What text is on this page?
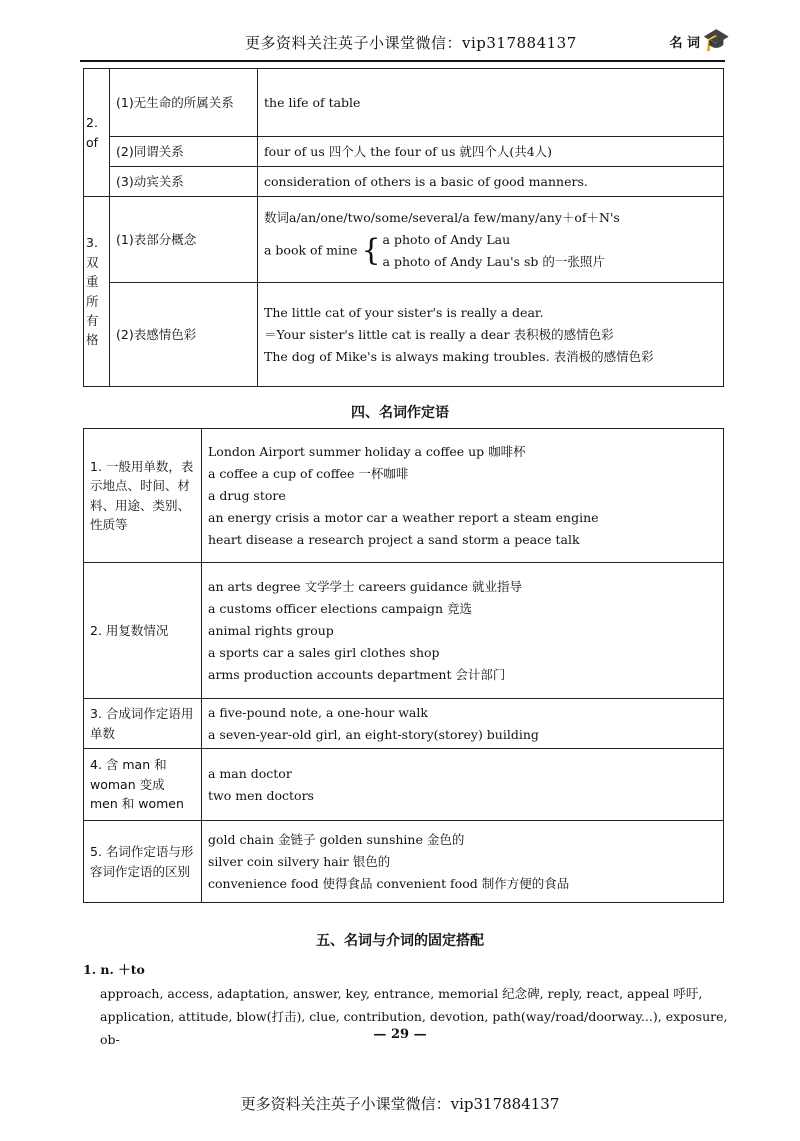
更多资料关注英子小课堂微信：vip317884137	名 词 🎓
2. of	(1)无生命的所属关系	the life of table

	(2)同谓关系	four of us 四个人 the four of us 就四个人(共4人)

	(3)动宾关系	consideration of others is a basic of good manners.

3. 双重所有格	(1)表部分概念	数词a/an/one/two/some/several/a few/many/any＋of＋N's
a book of mine { a photo of Andy Lau
a photo of Andy Lau's sb 的一张照片

	(2)表感情色彩	The little cat of your sister's is really a dear.
＝Your sister's little cat is really a dear 表积极的感情色彩
The dog of Mike's is always making troubles. 表消极的感情色彩
四、名词作定语
1. 一般用单数，表示地点、时间、材料、用途、类别、性质等	London Airport summer holiday a coffee up 咖啡杯
a coffee a cup of coffee 一杯咖啡
a drug store
an energy crisis a motor car a weather report a steam engine
heart disease a research project a sand storm a peace talk

2. 用复数情况	an arts degree 文学学士 careers guidance 就业指导
a customs officer elections campaign 竞选
animal rights group
a sports car a sales girl clothes shop
arms production accounts department 会计部门

3. 合成词作定语用单数	a five-pound note, a one-hour walk
a seven-year-old girl, an eight-story(storey) building

4. 含 man 和 woman 变成 men 和 women	a man doctor
two men doctors

5. 名词作定语与形容词作定语的区别	gold chain 金链子 golden sunshine 金色的
silver coin silvery hair 银色的
convenience food 使得食品 convenient food 制作方便的食品
五、名词与介词的固定搭配
1. n. ＋to
approach, access, adaptation, answer, key, entrance, memorial 纪念碑, reply, react, appeal 呼吁, application, attitude, blow(打击), clue, contribution, devotion, path(way/road/doorway...), exposure, ob-	— 29 —
更多资料关注英子小课堂微信：vip317884137
